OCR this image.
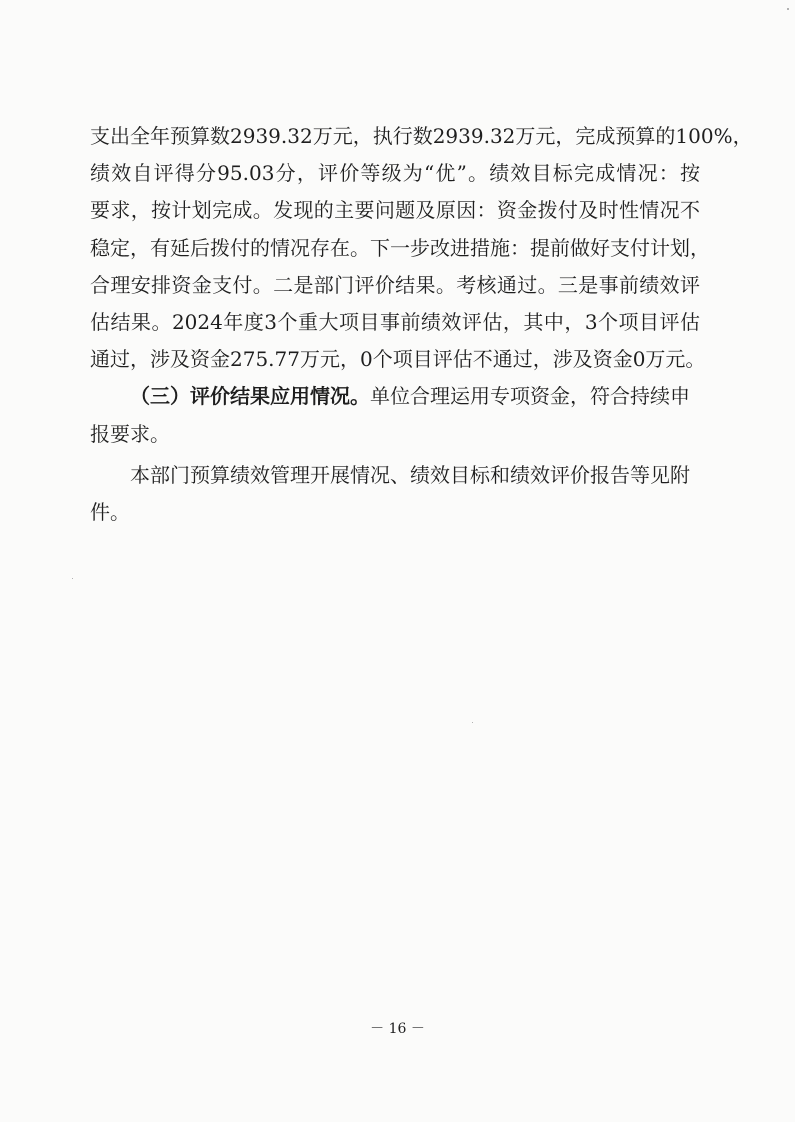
支出全年预算数2939.32万元，执行数2939.32万元，完成预算的100%，
绩效自评得分95.03分，评价等级为“优”。绩效目标完成情况：按
要求，按计划完成。发现的主要问题及原因：资金拨付及时性情况不
稳定，有延后拨付的情况存在。下一步改进措施：提前做好支付计划，
合理安排资金支付。二是部门评价结果。考核通过。三是事前绩效评
估结果。2024年度3个重大项目事前绩效评估，其中，3个项目评估
通过，涉及资金275.77万元，0个项目评估不通过，涉及资金0万元。
（三）评价结果应用情况。单位合理运用专项资金，符合持续申
报要求。
本部门预算绩效管理开展情况、绩效目标和绩效评价报告等见附
件。
－ 16 －
